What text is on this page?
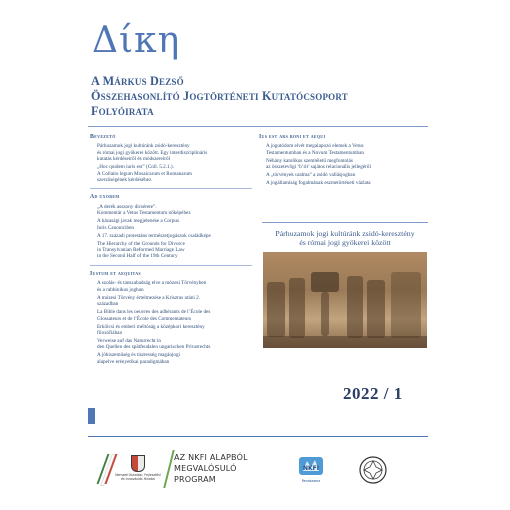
Δίκη
A Márkus Dezső
Összehasonlító Jogtörténeti Kutatócsoport
Folyóirata
Bevezető
Párhuzamok jogi kultúránk zsidó-keresztény
és római jogi gyökerei között. Egy interdiszciplináris
kutatás kérdéseiről és módszereiről
„Hoc quidem iuris est” (Coll. 5.2.1.).
A Collatio legum Mosaicarum et Romanarum
szerzőségének kérdéséhez
Ad uxorem
„A derék asszony dicsérete”.
Kommentár a Vetus Testamentum nőképéhez
A házasági javak megjelenése a Corpus
Iuris Canoniciben
A 17. századi protestáns természetjogászok családképe
The Hierarchy of the Grounds for Divorce
in Transylvanian Reformed Marriage Law
in the Second Half of the 19th Century
Iustum et aequitas
A szolás- és tanszabadság elve a mózesi Törvényben
és a rabbinikus jogban
A mózesi Törvény értelmezése a Krisztus utáni 2.
században
La Bible dans les oeuvres des adhérants de l’École des
Glossateurs et de l’École des Commentateurs
Erkölcsi és emberi méltóság a középkori keresztény
filozófiában
Verweise auf das Naturrecht in
den Quellen des spätfeudalen ungarischen Privatrechts
A jóhiszeműség és tisztesség magánjogi
alapelve erényetikai paradigmában
Ius est ars boni et aequi
A jogutódom elvét megalapozó elemek a Vetus
Testamentumban és a Novum Testamentumban
Néhány katolikus szemléletű megfontolás
az összetevőgi ‘b’rit’ sajátos relacionális jellegéről
A „törvények uralma” a zsidó vallásjogban
A jogállamiság fogalmának eszmetörténeti vázlata
Párhuzamok jogi kultúránk zsidó-keresztény
és római jogi gyökerei között
2022 / 1
Nemzeti Kutatási, Fejlesztési
és Innovációs Hivatal
AZ NKFI ALAPBÓL
MEGVALÓSULÓ
PROGRAM
NKFI
Rendszama
